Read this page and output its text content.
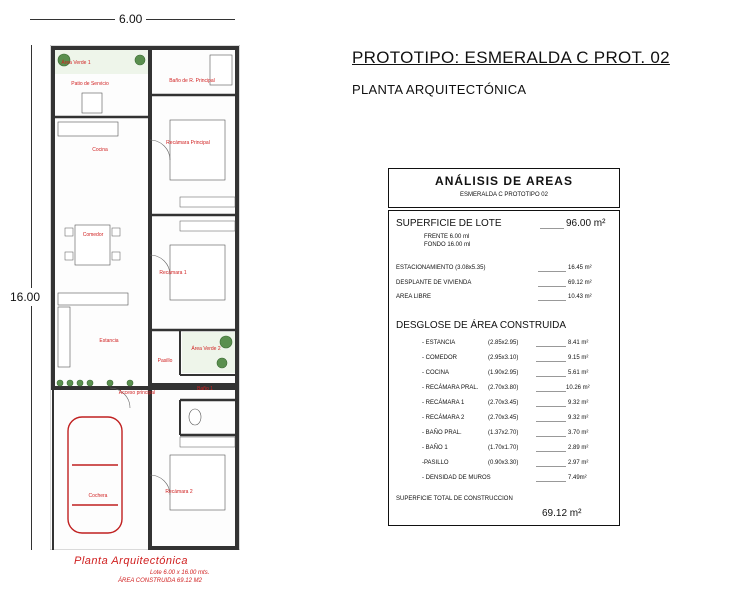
6.00
16.00
Área Verde 1
Patio de Servicio	Baño de R. Principal
Cocina
Recámara Principal
Comedor
Recámara 1
Estancia
Área Verde 2
Pasillo
Acceso principal
Baño 1
Cochera
Recámara 2
Planta Arquitectónica
Lote 6.00 x 16.00 mts.
ÁREA CONSTRUIDA 69.12 M2
PROTOTIPO: ESMERALDA C PROT. 02
PLANTA ARQUITECTÓNICA
ANÁLISIS DE AREAS
ESMERALDA C PROTOTIPO 02
SUPERFICIE DE LOTE	96.00 m²
FRENTE 6.00 ml
FONDO 16.00 ml
ESTACIONAMIENTO (3.08x5.35)	16.45 m²
DESPLANTE DE VIVIENDA	69.12 m²
AREA LIBRE	10.43 m²
DESGLOSE DE ÁREA CONSTRUIDA
- ESTANCIA	(2.85x2.95)	8.41 m²
- COMEDOR	(2.95x3.10)	9.15 m²
- COCINA	(1.90x2.95)	5.61 m²
- RECÁMARA PRAL. (2.70x3.80)	10.26 m²
- RECÁMARA 1	(2.70x3.45)	9.32 m²
- RECÁMARA 2	(2.70x3.45)	9.32 m²
- BAÑO PRAL.	(1.37x2.70)	3.70 m²
- BAÑO 1	(1.70x1.70)	2.89 m²
-PASILLO	(0.90x3.30)	2.97 m²
- DENSIDAD DE MUROS	7.49m²
SUPERFICIE TOTAL DE CONSTRUCCION
69.12 m²
